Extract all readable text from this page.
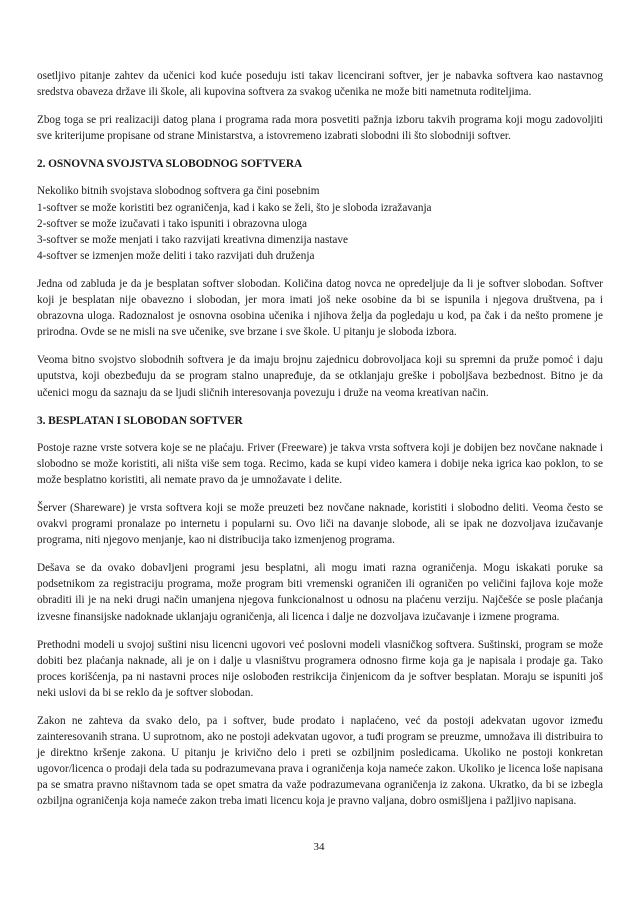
osetljivo pitanje zahtev da učenici kod kuće poseduju isti takav licencirani softver, jer je nabavka softvera kao nastavnog sredstva obaveza države ili škole, ali kupovina softvera za svakog učenika ne može biti nametnuta roditeljima.

Zbog toga se pri realizaciji datog plana i programa rada mora posvetiti pažnja izboru takvih programa koji mogu zadovoljiti sve kriterijume propisane od strane Ministarstva, a istovremeno izabrati slobodni ili što slobodniji softver.

2. OSNOVNA SVOJSTVA SLOBODNOG SOFTVERA
Nekoliko bitnih svojstava slobodnog softvera ga čini posebnim
1-softver se može koristiti bez ograničenja, kad i kako se želi, što je sloboda izražavanja
2-softver se može izučavati i tako ispuniti i obrazovna uloga
3-softver se može menjati i tako razvijati kreativna dimenzija nastave
4-softver se izmenjen može deliti i tako razvijati duh druženja

Jedna od zabluda je da je besplatan softver slobodan. Količina datog novca ne opredeljuje da li je softver slobodan. Softver koji je besplatan nije obavezno i slobodan, jer mora imati još neke osobine da bi se ispunila i njegova društvena, pa i obrazovna uloga. Radoznalost je osnovna osobina učenika i njihova želja da pogledaju u kod, pa čak i da nešto promene je prirodna. Ovde se ne misli na sve učenike, sve brzane i sve škole. U pitanju je sloboda izbora.

Veoma bitno svojstvo slobodnih softvera je da imaju brojnu zajednicu dobrovoljaca koji su spremni da pruže pomoć i daju uputstva, koji obezbeđuju da se program stalno unapređuje, da se otklanjaju greške i poboljšava bezbednost. Bitno je da učenici mogu da saznaju da se ljudi sličnih interesovanja povezuju i druže na veoma kreativan način.

3. BESPLATAN I SLOBODAN SOFTVER

Postoje razne vrste sotvera koje se ne plaćaju. Friver (Freeware) je takva vrsta softvera koji je dobijen bez novčane naknade i slobodno se može koristiti, ali ništa više sem toga. Recimo, kada se kupi video kamera i dobije neka igrica kao poklon, to se može besplatno koristiti, ali nemate pravo da je umnožavate i delite.

Šerver (Shareware) je vrsta softvera koji se može preuzeti bez novčane naknade, koristiti i slobodno deliti. Veoma često se ovakvi programi pronalaze po internetu i popularni su. Ovo liči na davanje slobode, ali se ipak ne dozvoljava izučavanje programa, niti njegovo menjanje, kao ni distribucija tako izmenjenog programa.

Dešava se da ovako dobavljeni programi jesu besplatni, ali mogu imati razna ograničenja. Mogu iskakati poruke sa podsetnikom za registraciju programa, može program biti vremenski ograničen ili ograničen po veličini fajlova koje može obraditi ili je na neki drugi način umanjena njegova funkcionalnost u odnosu na plaćenu verziju. Najčešće se posle plaćanja izvesne finansijske nadoknade uklanjaju ograničenja, ali licenca i dalje ne dozvoljava izučavanje i izmene programa.

Prethodni modeli u svojoj suštini nisu licencni ugovori već poslovni modeli vlasničkog softvera. Suštinski, program se može dobiti bez plaćanja naknade, ali je on i dalje u vlasništvu programera odnosno firme koja ga je napisala i prodaje ga. Tako proces korišćenja, pa ni nastavni proces nije oslobođen restrikcija činjenicom da je softver besplatan. Moraju se ispuniti još neki uslovi da bi se reklo da je softver slobodan.

Zakon ne zahteva da svako delo, pa i softver, bude prodato i naplaćeno, već da postoji adekvatan ugovor između zainteresovanih strana. U suprotnom, ako ne postoji adekvatan ugovor, a tuđi program se preuzme, umnožava ili distribuira to je direktno kršenje zakona. U pitanju je krivično delo i preti se ozbiljnim posledicama. Ukoliko ne postoji konkretan ugovor/licenca o prodaji dela tada su podrazumevana prava i ograničenja koja nameće zakon. Ukoliko je licenca loše napisana pa se smatra pravno ništavnom tada se opet smatra da važe podrazumevana ograničenja iz zakona. Ukratko, da bi se izbegla ozbiljna ograničenja koja nameće zakon treba imati licencu koja je pravno valjana, dobro osmišljena i pažljivo napisana.

34
